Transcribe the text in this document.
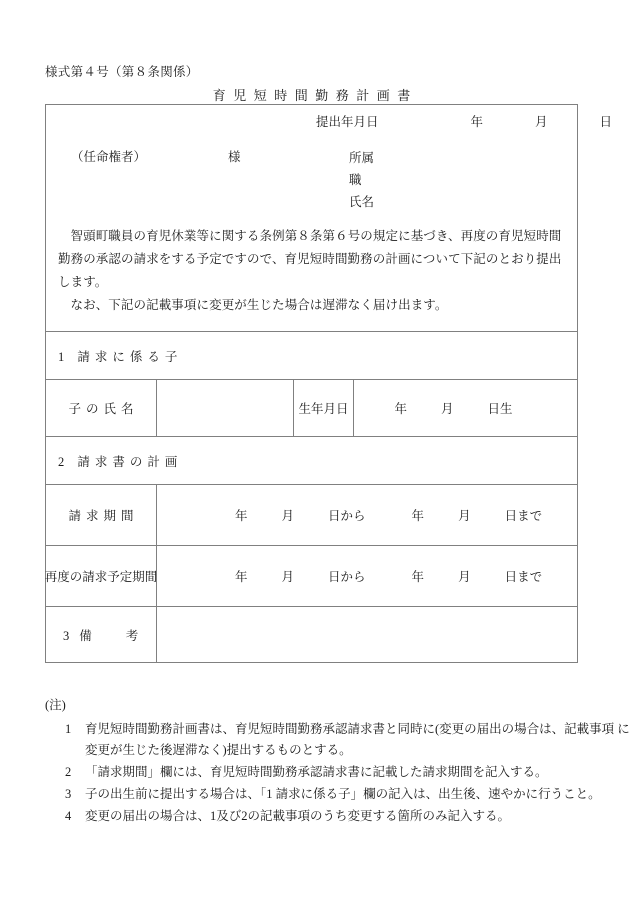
様式第４号（第８条関係）
育児短時間勤務計画書
提出年月日	年	月	日
（任命権者）	様	所属
職
氏名

智頭町職員の育児休業等に関する条例第８条第６号の規定に基づき、再度の育児短時間勤務の承認の請求をする予定ですので、育児短時間勤務の計画について下記のとおり提出します。

なお、下記の記載事項に変更が生じた場合は遅滞なく届け出ます。

1 請求に係る子
子の氏名	生年月日	年	月	日生
2 請求書の計画
請求期間	年	月	日から	年	月	日まで
再度の請求予定期間	年	月	日から	年	月	日まで
3 備	考
(注)
1	育児短時間勤務計画書は、育児短時間勤務承認請求書と同時に(変更の届出の場合は、記載事項 に
変更が生じた後遅滞なく)提出するものとする。
2	「請求期間」欄には、育児短時間勤務承認請求書に記載した請求期間を記入する。
3	子の出生前に提出する場合は、「1 請求に係る子」欄の記入は、出生後、速やかに行うこと。
4	変更の届出の場合は、1及び2の記載事項のうち変更する箇所のみ記入する。
